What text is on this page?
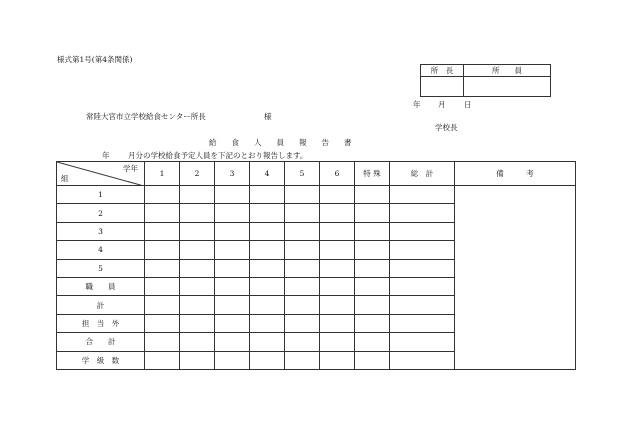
様式第1号(第4条関係)
所　長	所　　員

年 月 日
常陸大宮市立学校給食センター所長	様
学校長
給　　食　　人　　員　　報　　告　　書
年 月分の学校給食予定人員を下記のとおり報告します。
学年
組	1	2	3	4	5	6	特 殊	総　計	備　　　考
1									
2									
3									
4									
5									
職　　員									
計									
担　当　外									
合　　計									
学　級　数									
